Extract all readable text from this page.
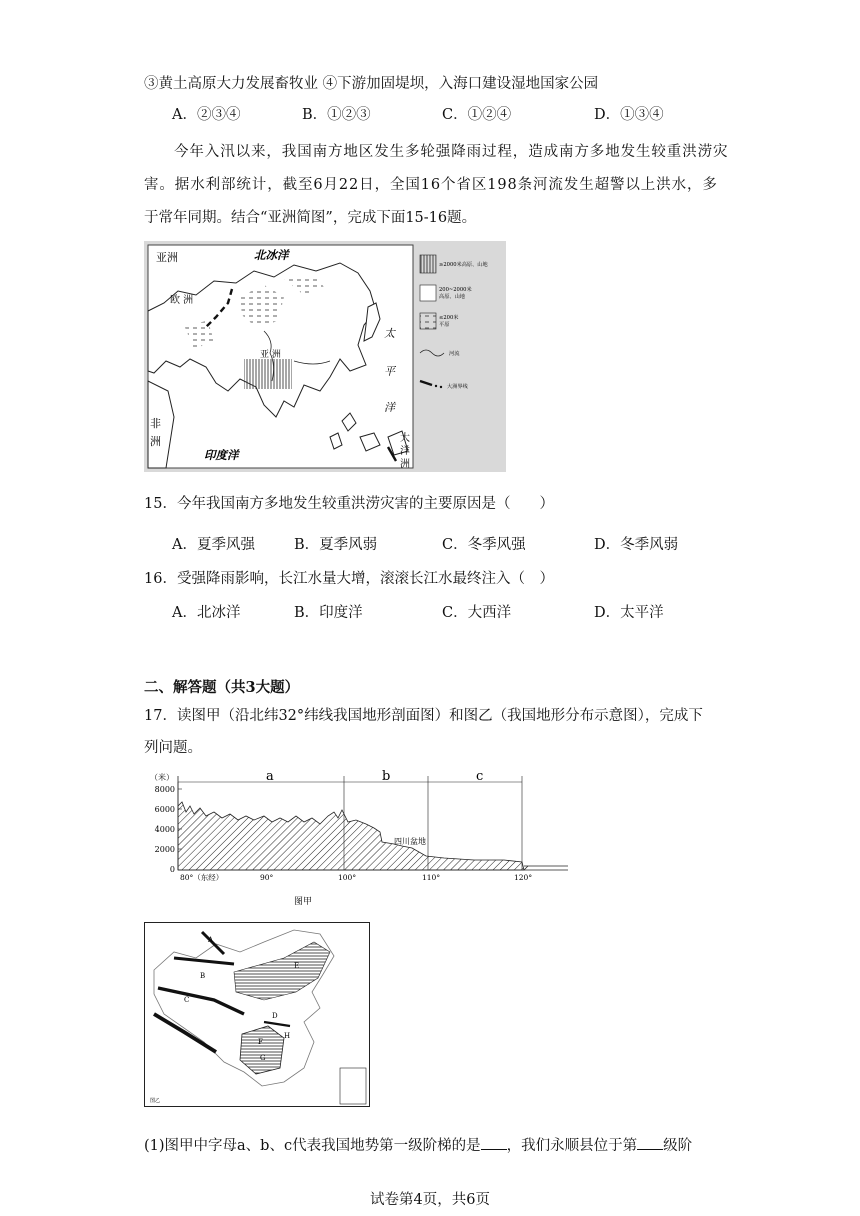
③黄土高原大力发展畜牧业 ④下游加固堤坝，入海口建设湿地国家公园
A．②③④	B．①②③	C．①②④	D．①③④
今年入汛以来，我国南方地区发生多轮强降雨过程，造成南方多地发生较重洪涝灾
害。据水利部统计，截至6月22日，全国16个省区198条河流发生超警以上洪水，多
于常年同期。结合“亚洲简图”，完成下面15-16题。
亚洲	北冰洋
欧 洲
亚 洲
太
平
洋
非
洲
印度洋
大
洋
洲
≥2000米高原、山地
200~2000米
高原、山地
≤200米
平原
河流
大洲界线
15．今年我国南方多地发生较重洪涝灾害的主要原因是（　　）
A．夏季风强	B．夏季风弱	C．冬季风强	D．冬季风弱
16．受强降雨影响，长江水量大增，滚滚长江水最终注入（　）
A．北冰洋	B．印度洋	C．大西洋	D．太平洋
二、解答题（共3大题）
17．读图甲（沿北纬32°纬线我国地形剖面图）和图乙（我国地形分布示意图），完成下
列问题。
（米）
8000
6000
4000
2000
0
a	b	c
四川盆地
80°（东经）	90°	100°	110°	120°
图甲
A
B
C
D
E
F
G
H
图乙
(1)图甲中字母a、b、c代表我国地势第一级阶梯的是 ，我们永顺县位于第 级阶
试卷第4页，共6页
